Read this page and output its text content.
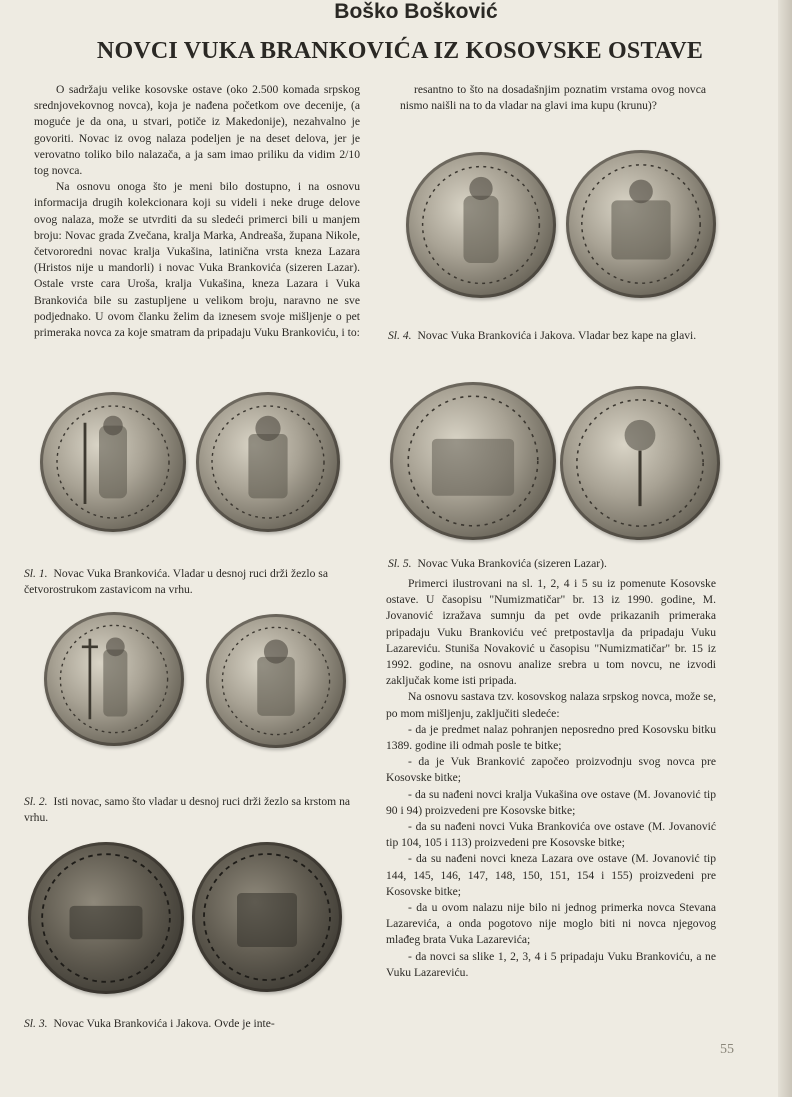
Boško Bošković
NOVCI VUKA BRANKOVIĆA IZ KOSOVSKE OSTAVE

O sadržaju velike kosovske ostave (oko 2.500 komada srpskog srednjovekovnog novca), koja je nađena početkom ove decenije, (a moguće je da ona, u stvari, potiče iz Makedonije), nezahvalno je govoriti. Novac iz ovog nalaza podeljen je na deset delova, jer je verovatno toliko bilo nalazača, a ja sam imao priliku da vidim 2/10 tog novca.

Na osnovu onoga što je meni bilo dostupno, i na osnovu informacija drugih kolekcionara koji su videli i neke druge delove ovog nalaza, može se utvrditi da su sledeći primerci bili u manjem broju: Novac grada Zvečana, kralja Marka, Andreaša, župana Nikole, četvorоredni novac kralja Vukašina, latinična vrsta kneza Lazara (Hristos nije u mandorli) i novac Vuka Brankovića (sizeren Lazar). Ostale vrste cara Uroša, kralja Vukašina, kneza Lazara i Vuka Brankovića bile su zastupljene u velikom broju, naravno ne sve podjednako. U ovom članku želim da iznesem svoje mišljenje o pet primeraka novca za koje smatram da pripadaju Vuku Brankoviću, i to:

resantno to što na dosadašnjim poznatim vrstama ovog novca nismo naišli na to da vladar na glavi ima kupu (krunu)?
Sl. 1. Novac Vuka Brankovića. Vladar u desnoj ruci drži žezlo sa četvorostrukom zastavicom na vrhu.
Sl. 2. Isti novac, samo što vladar u desnoj ruci drži žezlo sa krstom na vrhu.
Sl. 3. Novac Vuka Brankovića i Jakova. Ovde je inte-
Sl. 4. Novac Vuka Brankovića i Jakova. Vladar bez kape na glavi.
Sl. 5. Novac Vuka Brankovića (sizeren Lazar).

Primerci ilustrovani na sl. 1, 2, 4 i 5 su iz pomenute Kosovske ostave. U časopisu "Numizmatičar" br. 13 iz 1990. godine, M. Jovanović izražava sumnju da pet ovde prikazanih primeraka pripadaju Vuku Brankoviću već pretpostavlja da pripadaju Vuku Lazareviću. Stuniša Novaković u časopisu "Numizmatičar" br. 15 iz 1992. godine, na osnovu analize srebra u tom novcu, ne izvodi zaključak kome isti pripada.

Na osnovu sastava tzv. kosovskog nalaza srpskog novca, može se, po mom mišljenju, zaključiti sledeće:

- da je predmet nalaz pohranjen neposredno pred Kosovsku bitku 1389. godine ili odmah posle te bitke;

- da je Vuk Branković započeo proizvodnju svog novca pre Kosovske bitke;

- da su nađeni novci kralja Vukašina ove ostave (M. Jovanović tip 90 i 94) proizvedeni pre Kosovske bitke;

- da su nađeni novci Vuka Brankovića ove ostave (M. Jovanović tip 104, 105 i 113) proizvedeni pre Kosovske bitke;

- da su nađeni novci kneza Lazara ove ostave (M. Jovanović tip 144, 145, 146, 147, 148, 150, 151, 154 i 155) proizvedeni pre Kosovske bitke;

- da u ovom nalazu nije bilo ni jednog primerka novca Stevana Lazarevića, a onda pogotovo nije moglo biti ni novca njegovog mlađeg brata Vuka Lazarevića;

- da novci sa slike 1, 2, 3, 4 i 5 pripadaju Vuku Brankoviću, a ne Vuku Lazareviću.

55
